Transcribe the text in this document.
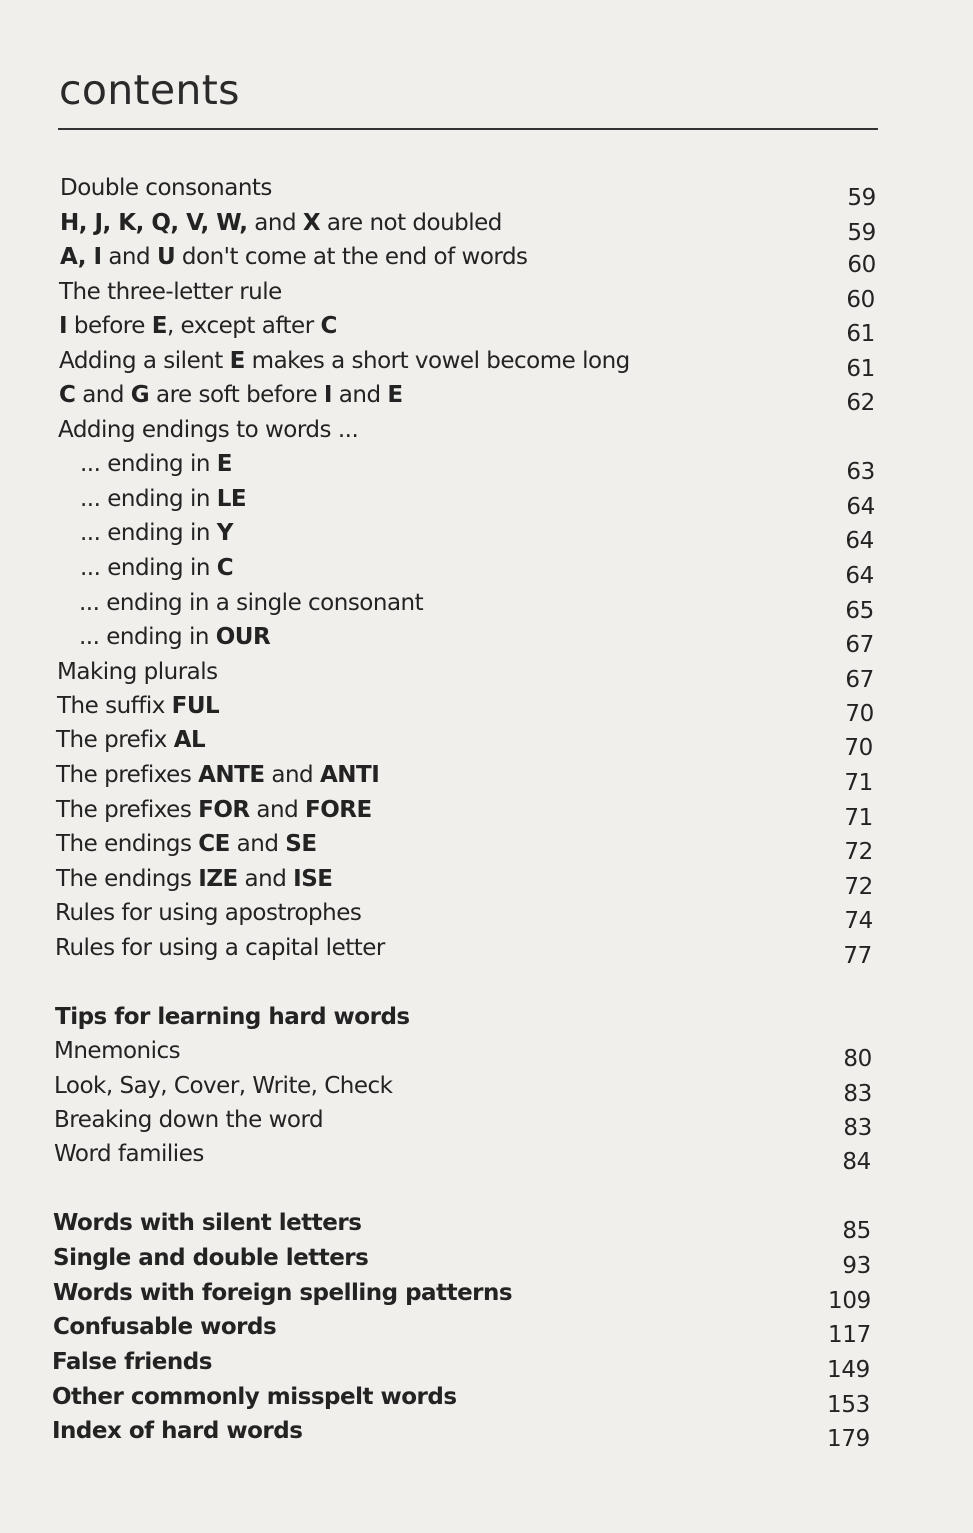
contents
Double consonants	59
H, J, K, Q, V, W, and X are not doubled	59
A, I and U don't come at the end of words	60
The three-letter rule	60
I before E, except after C	61
Adding a silent E makes a short vowel become long	61
C and G are soft before I and E	62
Adding endings to words ...
... ending in E	63
... ending in LE	64
... ending in Y	64
... ending in C	64
... ending in a single consonant	65
... ending in OUR	67
Making plurals	67
The suffix FUL	70
The prefix AL	70
The prefixes ANTE and ANTI	71
The prefixes FOR and FORE	71
The endings CE and SE	72
The endings IZE and ISE	72
Rules for using apostrophes	74
Rules for using a capital letter	77
Tips for learning hard words
Mnemonics	80
Look, Say, Cover, Write, Check	83
Breaking down the word	83
Word families	84
Words with silent letters	85
Single and double letters	93
Words with foreign spelling patterns	109
Confusable words	117
False friends	149
Other commonly misspelt words	153
Index of hard words	179
